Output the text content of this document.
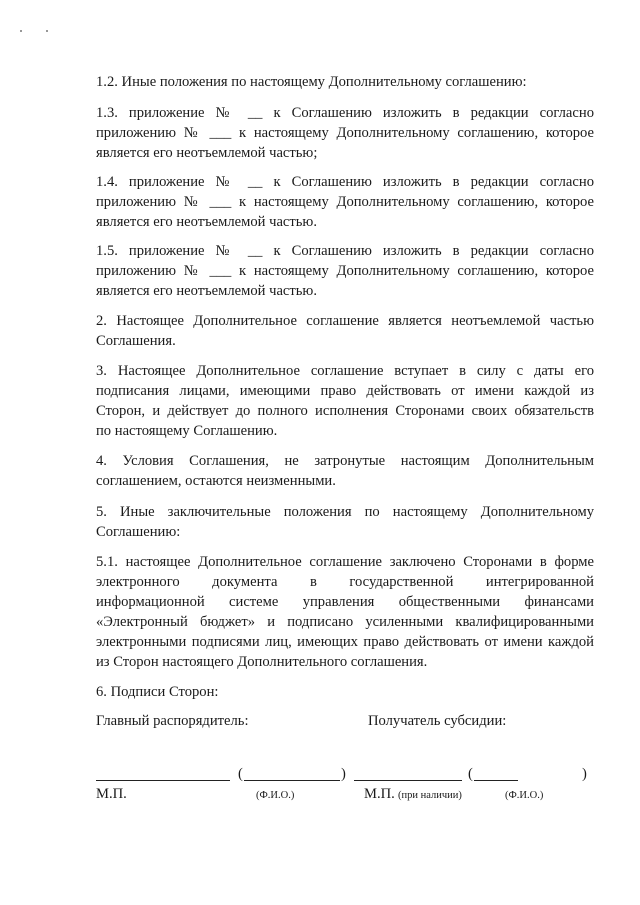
1.2. Иные положения по настоящему Дополнительному соглашению:
1.3. приложение № __ к Соглашению изложить в редакции согласно
приложению № ___ к настоящему Дополнительному соглашению, которое
является его неотъемлемой частью;
1.4. приложение № __ к Соглашению изложить в редакции согласно
приложению № ___ к настоящему Дополнительному соглашению, которое
является его неотъемлемой частью.
1.5. приложение № __ к Соглашению изложить в редакции согласно
приложению № ___ к настоящему Дополнительному соглашению, которое
является его неотъемлемой частью.
2. Настоящее Дополнительное соглашение является неотъемлемой частью
Соглашения.
3. Настоящее Дополнительное соглашение вступает в силу с даты его
подписания лицами, имеющими право действовать от имени каждой из
Сторон, и действует до полного исполнения Сторонами своих обязательств
по настоящему Соглашению.
4. Условия Соглашения, не затронутые настоящим Дополнительным
соглашением, остаются неизменными.
5. Иные заключительные положения по настоящему Дополнительному
Соглашению:
5.1. настоящее Дополнительное соглашение заключено Сторонами в форме
электронного документа в государственной интегрированной
информационной системе управления общественными финансами
«Электронный бюджет» и подписано усиленными квалифицированными
электронными подписями лиц, имеющих право действовать от имени каждой
из Сторон настоящего Дополнительного соглашения.
6. Подписи Сторон:
Главный распорядитель:	Получатель субсидии:
(	)	(	)
М.П.	(Ф.И.О.)	М.П. (при наличии)	(Ф.И.О.)
